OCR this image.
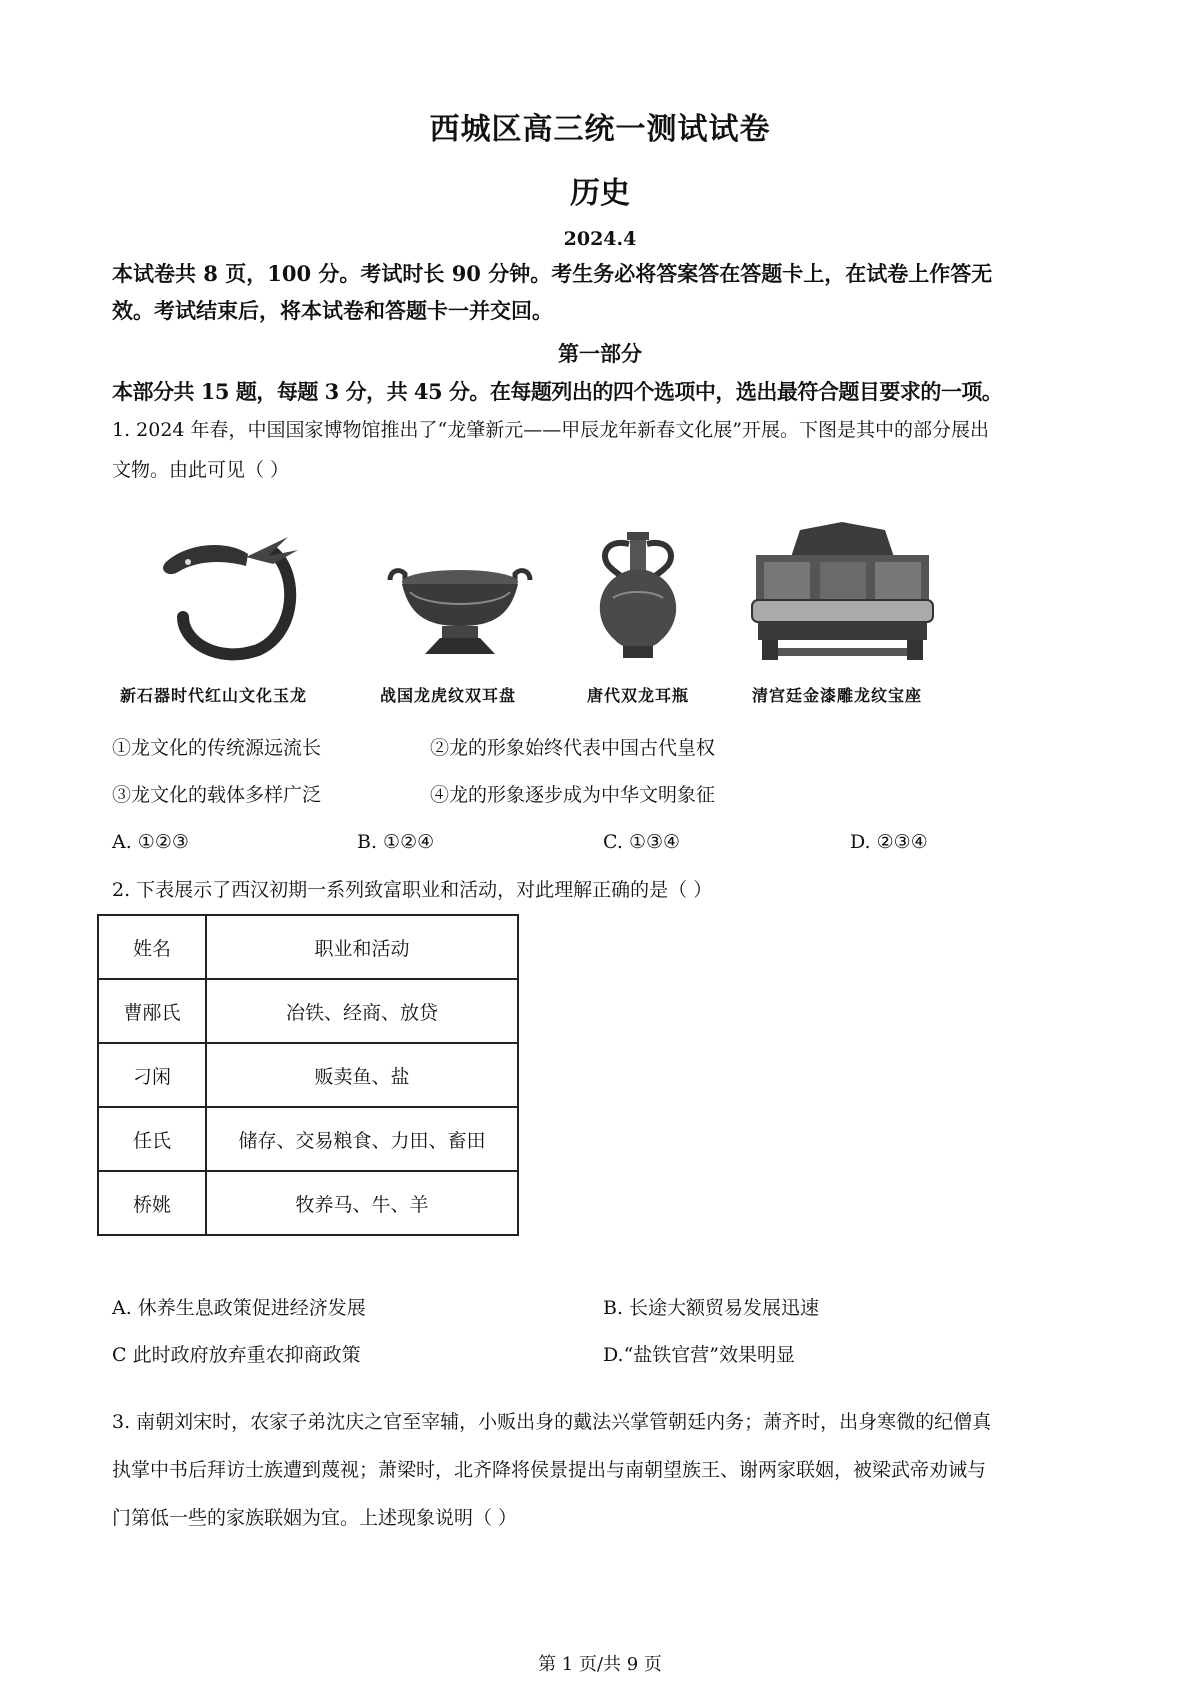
西城区高三统一测试试卷
历史
2024.4
本试卷共 8 页，100 分。考试时长 90 分钟。考生务必将答案答在答题卡上，在试卷上作答无
效。考试结束后，将本试卷和答题卡一并交回。
第一部分
本部分共 15 题，每题 3 分，共 45 分。在每题列出的四个选项中，选出最符合题目要求的一项。
1. 2024 年春，中国国家博物馆推出了“龙肇新元——甲辰龙年新春文化展”开展。下图是其中的部分展出
文物。由此可见（ ）
新石器时代红山文化玉龙	战国龙虎纹双耳盘	唐代双龙耳瓶	清宫廷金漆雕龙纹宝座
①龙文化的传统源远流长	②龙的形象始终代表中国古代皇权
③龙文化的载体多样广泛	④龙的形象逐步成为中华文明象征
A. ①②③	B. ①②④	C. ①③④	D. ②③④
2. 下表展示了西汉初期一系列致富职业和活动，对此理解正确的是（ ）
姓名	职业和活动
曹邴氏	冶铁、经商、放贷
刁闲	贩卖鱼、盐
任氏	储存、交易粮食、力田、畜田
桥姚	牧养马、牛、羊
A. 休养生息政策促进经济发展	B. 长途大额贸易发展迅速
C 此时政府放弃重农抑商政策	D.“盐铁官营”效果明显
3. 南朝刘宋时，农家子弟沈庆之官至宰辅，小贩出身的戴法兴掌管朝廷内务；萧齐时，出身寒微的纪僧真
执掌中书后拜访士族遭到蔑视；萧梁时，北齐降将侯景提出与南朝望族王、谢两家联姻，被梁武帝劝诫与
门第低一些的家族联姻为宜。上述现象说明（ ）
第 1 页/共 9 页
